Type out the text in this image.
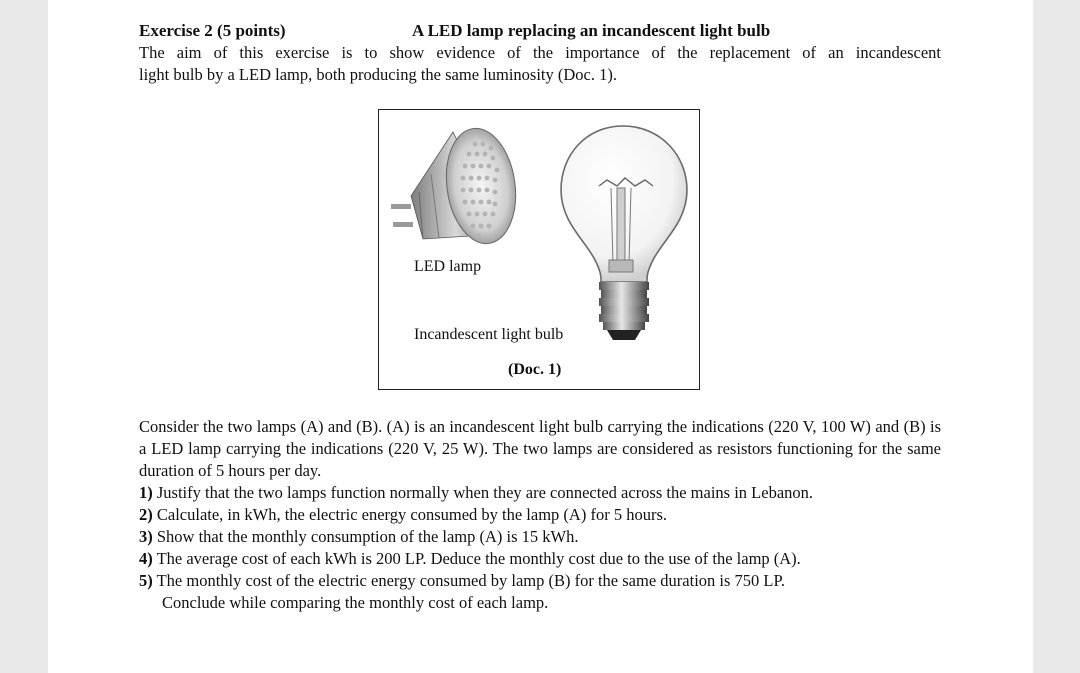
Exercise 2 (5 points)	A LED lamp replacing an incandescent light bulb
The aim of this exercise is to show evidence of the importance of the replacement of an incandescent
light bulb by a LED lamp, both producing the same luminosity (Doc. 1).
LED lamp
Incandescent light bulb
(Doc. 1)
Consider the two lamps (A) and (B). (A) is an incandescent light bulb carrying the indications (220 V, 100 W) and (B) is a LED lamp carrying the indications (220 V, 25 W). The two lamps are considered as resistors functioning for the same duration of 5 hours per day.
1) Justify that the two lamps function normally when they are connected across the mains in Lebanon.
2) Calculate, in kWh, the electric energy consumed by the lamp (A) for 5 hours.
3) Show that the monthly consumption of the lamp (A) is 15 kWh.
4) The average cost of each kWh is 200 LP. Deduce the monthly cost due to the use of the lamp (A).
5) The monthly cost of the electric energy consumed by lamp (B) for the same duration is 750 LP.
Conclude while comparing the monthly cost of each lamp.
